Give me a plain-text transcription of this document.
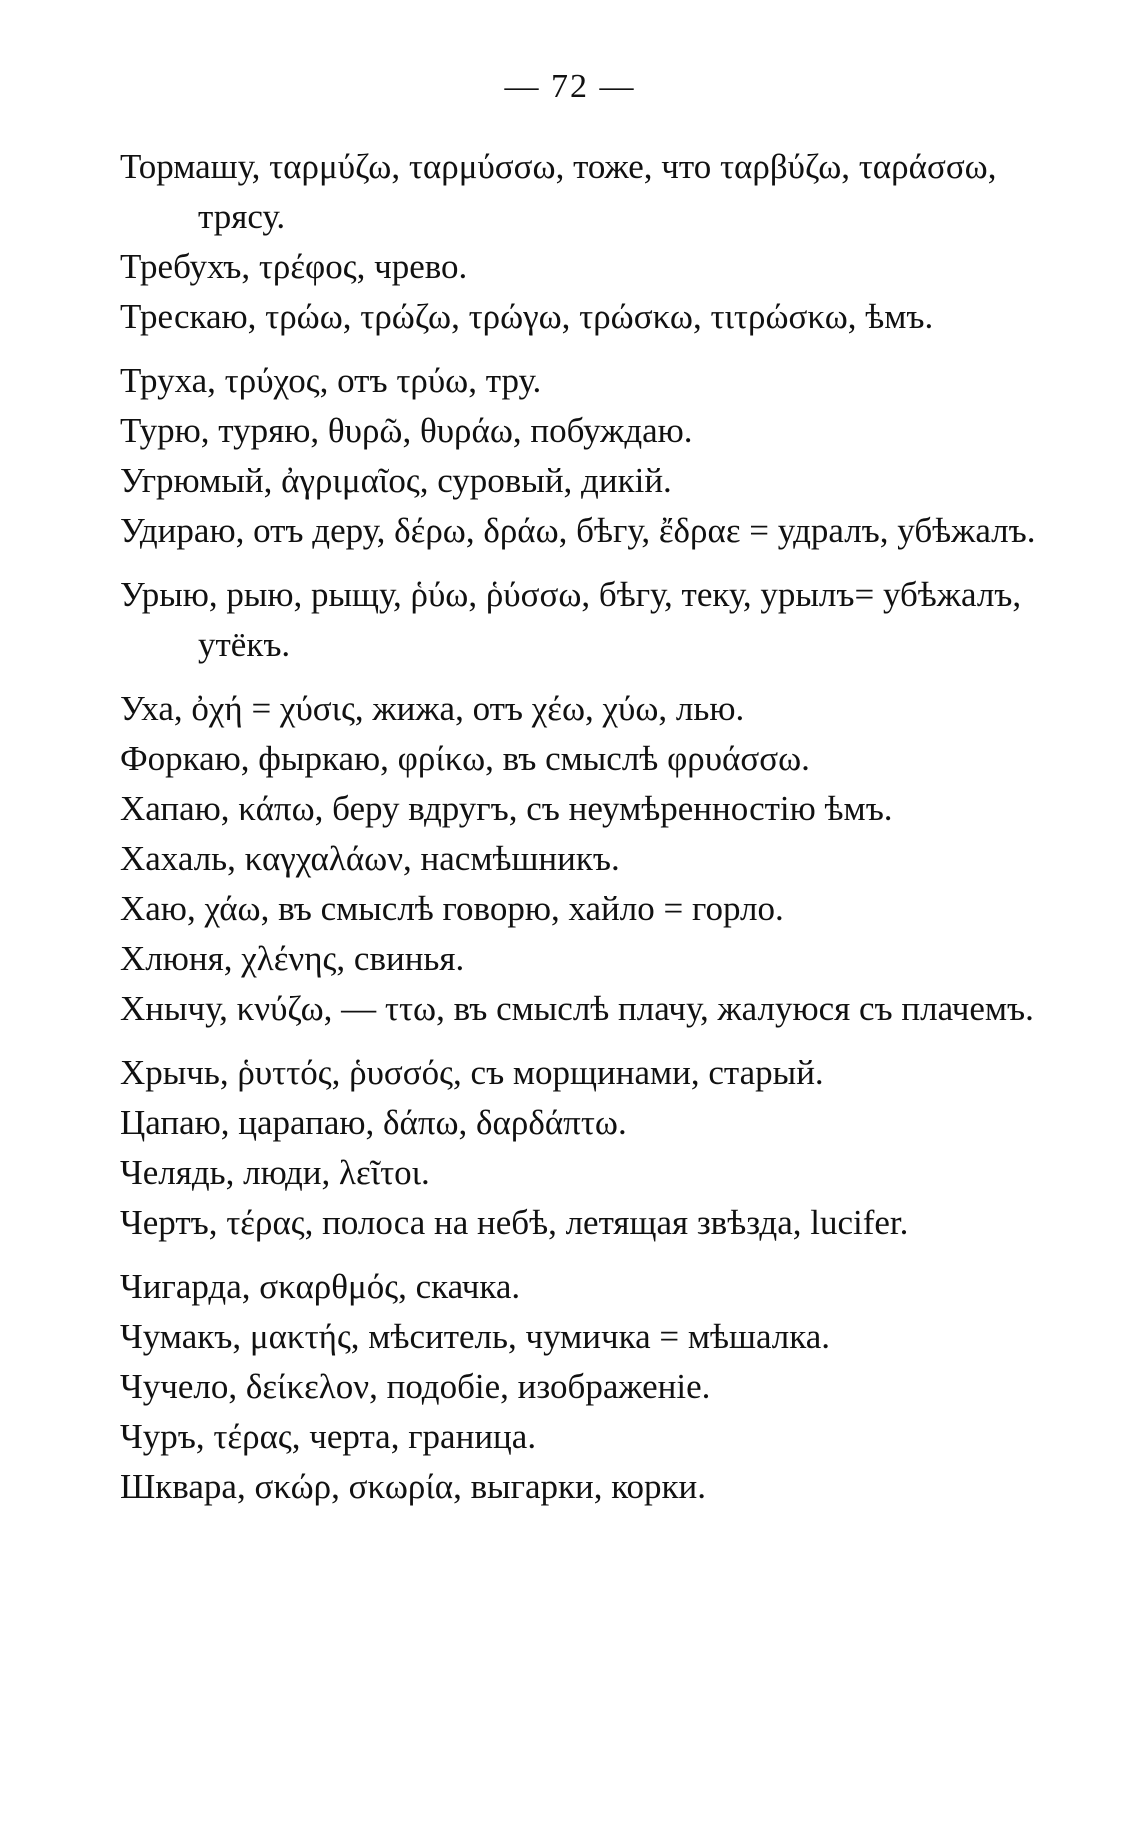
— 72 —
Тормашу, ταρμύζω, ταρμύσσω, тоже, что ταρβύζω, ταράσσω, трясу.
Требухъ, τρέφος, чрево.
Трескаю, τρώω, τρώζω, τρώγω, τρώσκω, τιτρώσκω, ѣмъ.
Труха, τρύχος, отъ τρύω, тру.
Турю, туряю, θυρῶ, θυράω, побуждаю.
Угрюмый, ἀγριμαῖος, суровый, дикій.
Удираю, отъ деру, δέρω, δράω, бѣгу, ἔδραε = удралъ, убѣжалъ.
Урыю, рыю, рыщу, ῥύω, ῥύσσω, бѣгу, теку, урылъ= убѣжалъ, утёкъ.
Уха, ὀχή = χύσις, жижа, отъ χέω, χύω, лью.
Форкаю, фыркаю, φρίκω, въ смыслѣ φρυάσσω.
Хапаю, κάπω, беру вдругъ, съ неумѣренностію ѣмъ.
Хахаль, καγχαλάων, насмѣшникъ.
Хаю, χάω, въ смыслѣ говорю, хайло = горло.
Хлюня, χλένης, свинья.
Хнычу, κνύζω, — ττω, въ смыслѣ плачу, жалуюся съ плачемъ.
Хрычь, ῥυττός, ῥυσσός, съ морщинами, старый.
Цапаю, царапаю, δάπω, δαρδάπτω.
Челядь, люди, λεῖτοι.
Чертъ, τέρας, полоса на небѣ, летящая звѣзда, lucifer.
Чигарда, σκαρθμός, скачка.
Чумакъ, μακτής, мѣситель, чумичка = мѣшалка.
Чучело, δείκελον, подобіе, изображеніе.
Чуръ, τέρας, черта, граница.
Шквара, σκώρ, σκωρία, выгарки, корки.
